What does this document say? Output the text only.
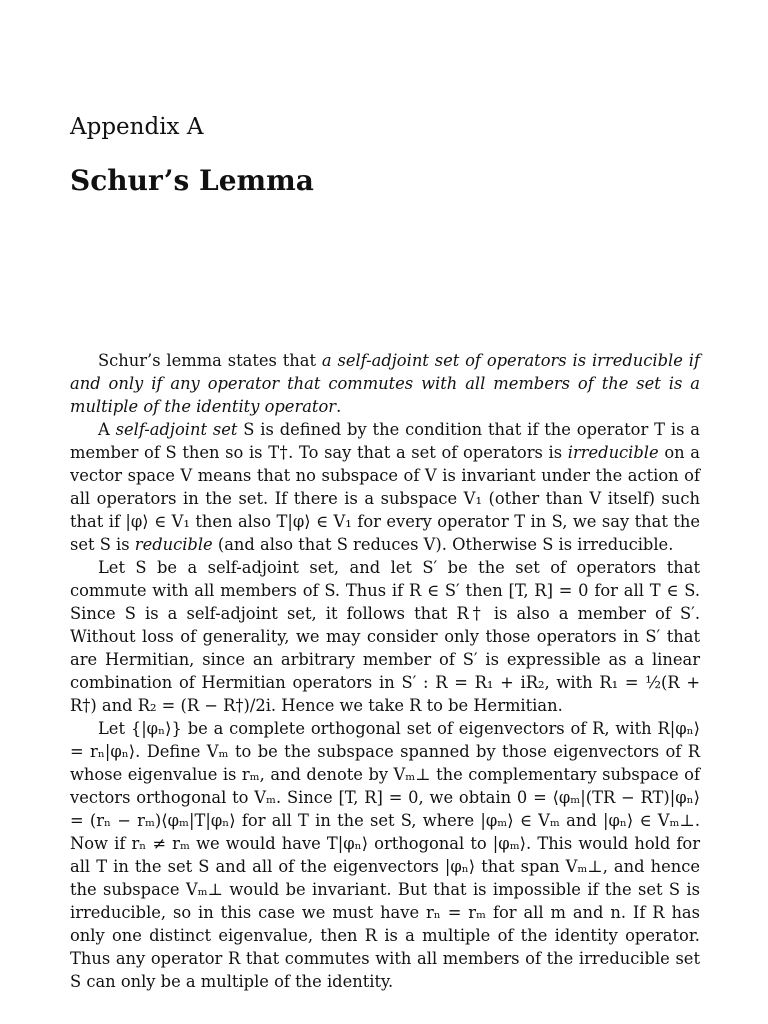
Appendix A
Schur’s Lemma

Schur’s lemma states that a self-adjoint set of operators is irreducible if and only if any operator that commutes with all members of the set is a multiple of the identity operator.

A self-adjoint set S is defined by the condition that if the operator T is a member of S then so is T†. To say that a set of operators is irreducible on a vector space V means that no subspace of V is invariant under the action of all operators in the set. If there is a subspace V₁ (other than V itself) such that if |φ⟩ ∈ V₁ then also T|φ⟩ ∈ V₁ for every operator T in S, we say that the set S is reducible (and also that S reduces V). Otherwise S is irreducible.

Let S be a self-adjoint set, and let S′ be the set of operators that commute with all members of S. Thus if R ∈ S′ then [T, R] = 0 for all T ∈ S. Since S is a self-adjoint set, it follows that R† is also a member of S′. Without loss of generality, we may consider only those operators in S′ that are Hermitian, since an arbitrary member of S′ is expressible as a linear combination of Hermitian operators in S′ : R = R₁ + iR₂, with R₁ = ½(R + R†) and R₂ = (R − R†)/2i. Hence we take R to be Hermitian.

Let {|φₙ⟩} be a complete orthogonal set of eigenvectors of R, with R|φₙ⟩ = rₙ|φₙ⟩. Define Vₘ to be the subspace spanned by those eigenvectors of R whose eigenvalue is rₘ, and denote by Vₘ⊥ the complementary subspace of vectors orthogonal to Vₘ. Since [T, R] = 0, we obtain 0 = ⟨φₘ|(TR − RT)|φₙ⟩ = (rₙ − rₘ)⟨φₘ|T|φₙ⟩ for all T in the set S, where |φₘ⟩ ∈ Vₘ and |φₙ⟩ ∈ Vₘ⊥. Now if rₙ ≠ rₘ we would have T|φₙ⟩ orthogonal to |φₘ⟩. This would hold for all T in the set S and all of the eigenvectors |φₙ⟩ that span Vₘ⊥, and hence the subspace Vₘ⊥ would be invariant. But that is impossible if the set S is irreducible, so in this case we must have rₙ = rₘ for all m and n. If R has only one distinct eigenvalue, then R is a multiple of the identity operator. Thus any operator R that commutes with all members of the irreducible set S can only be a multiple of the identity.
